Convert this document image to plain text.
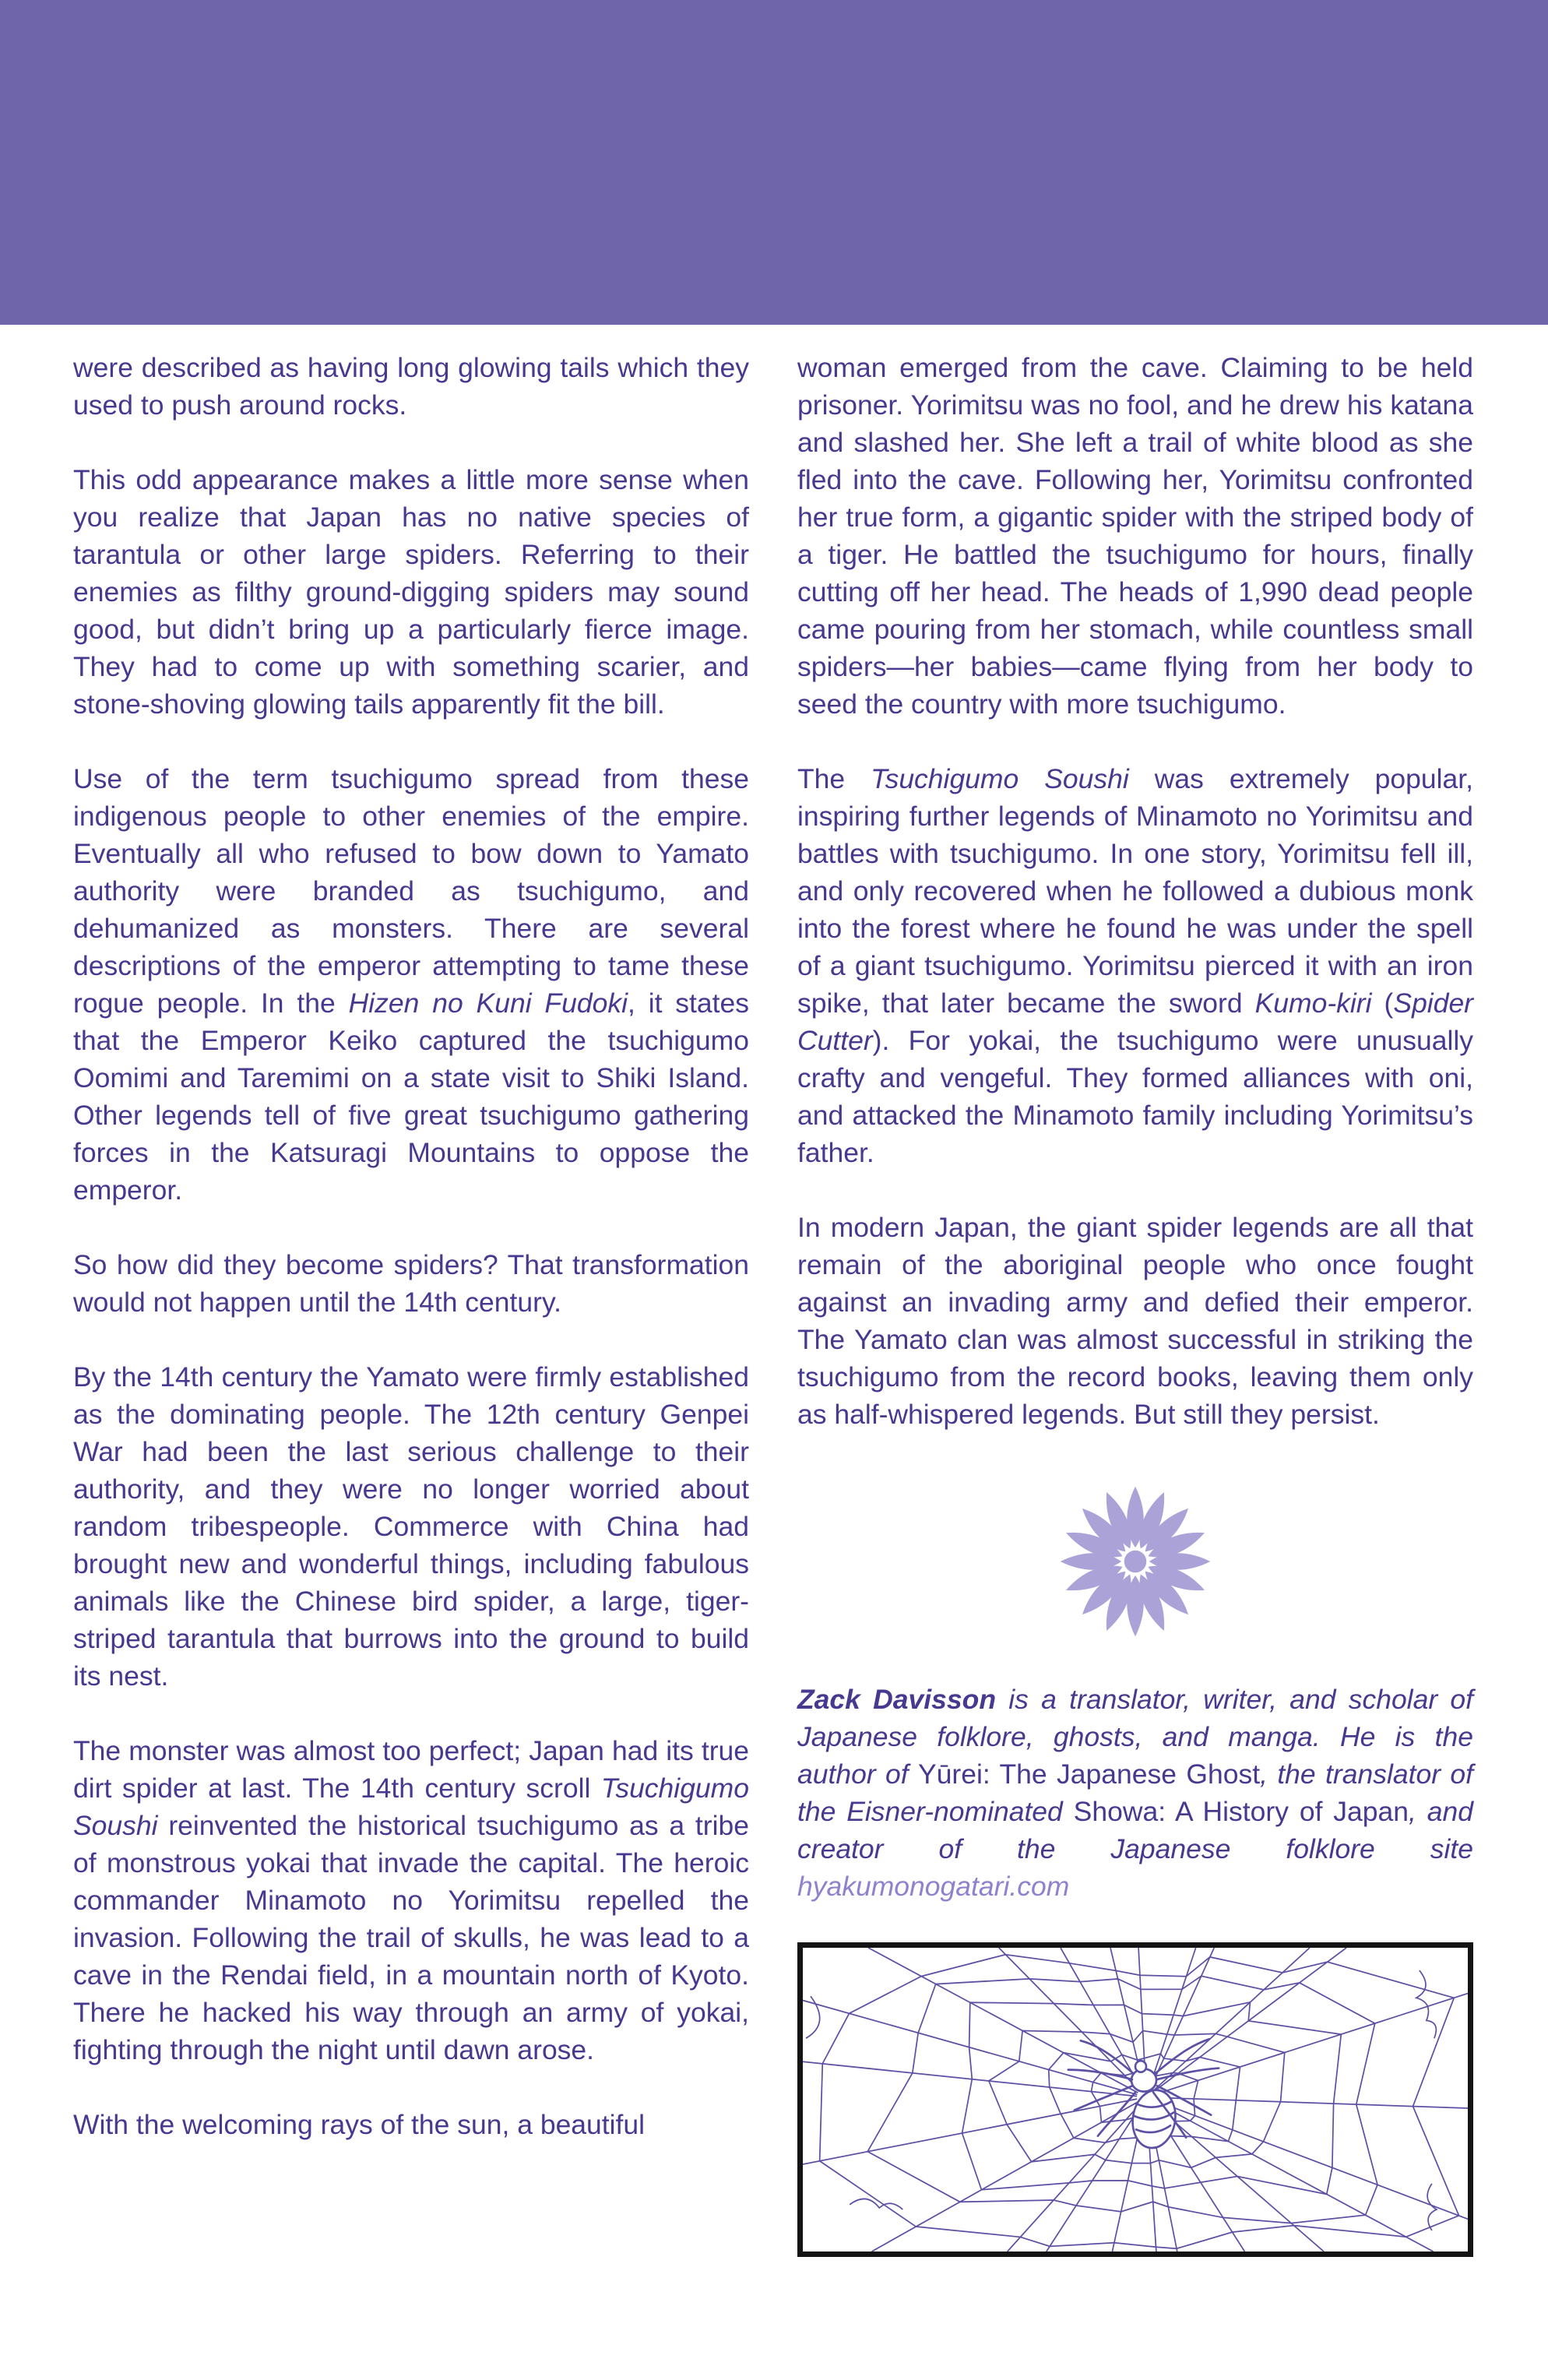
were described as having long glowing tails which they used to push around rocks.

This odd appearance makes a little more sense when you realize that Japan has no native species of tarantula or other large spiders. Referring to their enemies as filthy ground-digging spiders may sound good, but didn’t bring up a particularly fierce image. They had to come up with something scarier, and stone-shoving glowing tails apparently fit the bill.

Use of the term tsuchigumo spread from these indigenous people to other enemies of the empire. Eventually all who refused to bow down to Yamato authority were branded as tsuchigumo, and dehumanized as monsters. There are several descriptions of the emperor attempting to tame these rogue people. In the Hizen no Kuni Fudoki, it states that the Emperor Keiko captured the tsuchigumo Oomimi and Taremimi on a state visit to Shiki Island. Other legends tell of five great tsuchigumo gathering forces in the Katsuragi Mountains to oppose the emperor.

So how did they become spiders? That transformation would not happen until the 14th century.

By the 14th century the Yamato were firmly established as the dominating people. The 12th century Genpei War had been the last serious challenge to their authority, and they were no longer worried about random tribespeople. Commerce with China had brought new and wonderful things, including fabulous animals like the Chinese bird spider, a large, tiger-striped tarantula that burrows into the ground to build its nest.

The monster was almost too perfect; Japan had its true dirt spider at last. The 14th century scroll Tsuchigumo Soushi reinvented the historical tsuchigumo as a tribe of monstrous yokai that invade the capital. The heroic commander Minamoto no Yorimitsu repelled the invasion. Following the trail of skulls, he was lead to a cave in the Rendai field, in a mountain north of Kyoto. There he hacked his way through an army of yokai, fighting through the night until dawn arose.

With the welcoming rays of the sun, a beautiful

woman emerged from the cave. Claiming to be held prisoner. Yorimitsu was no fool, and he drew his katana and slashed her. She left a trail of white blood as she fled into the cave. Following her, Yorimitsu confronted her true form, a gigantic spider with the striped body of a tiger. He battled the tsuchigumo for hours, finally cutting off her head. The heads of 1,990 dead people came pouring from her stomach, while countless small spiders—her babies—came flying from her body to seed the country with more tsuchigumo.

The Tsuchigumo Soushi was extremely popular, inspiring further legends of Minamoto no Yorimitsu and battles with tsuchigumo. In one story, Yorimitsu fell ill, and only recovered when he followed a dubious monk into the forest where he found he was under the spell of a giant tsuchigumo. Yorimitsu pierced it with an iron spike, that later became the sword Kumo-kiri (Spider Cutter). For yokai, the tsuchigumo were unusually crafty and vengeful. They formed alliances with oni, and attacked the Minamoto family including Yorimitsu’s father.

In modern Japan, the giant spider legends are all that remain of the aboriginal people who once fought against an invading army and defied their emperor. The Yamato clan was almost successful in striking the tsuchigumo from the record books, leaving them only as half-whispered legends. But still they persist.

Zack Davisson is a translator, writer, and scholar of Japanese folklore, ghosts, and manga. He is the author of Yūrei: The Japanese Ghost, the translator of the Eisner-nominated Showa: A History of Japan, and creator of the Japanese folklore site hyakumonogatari.com
